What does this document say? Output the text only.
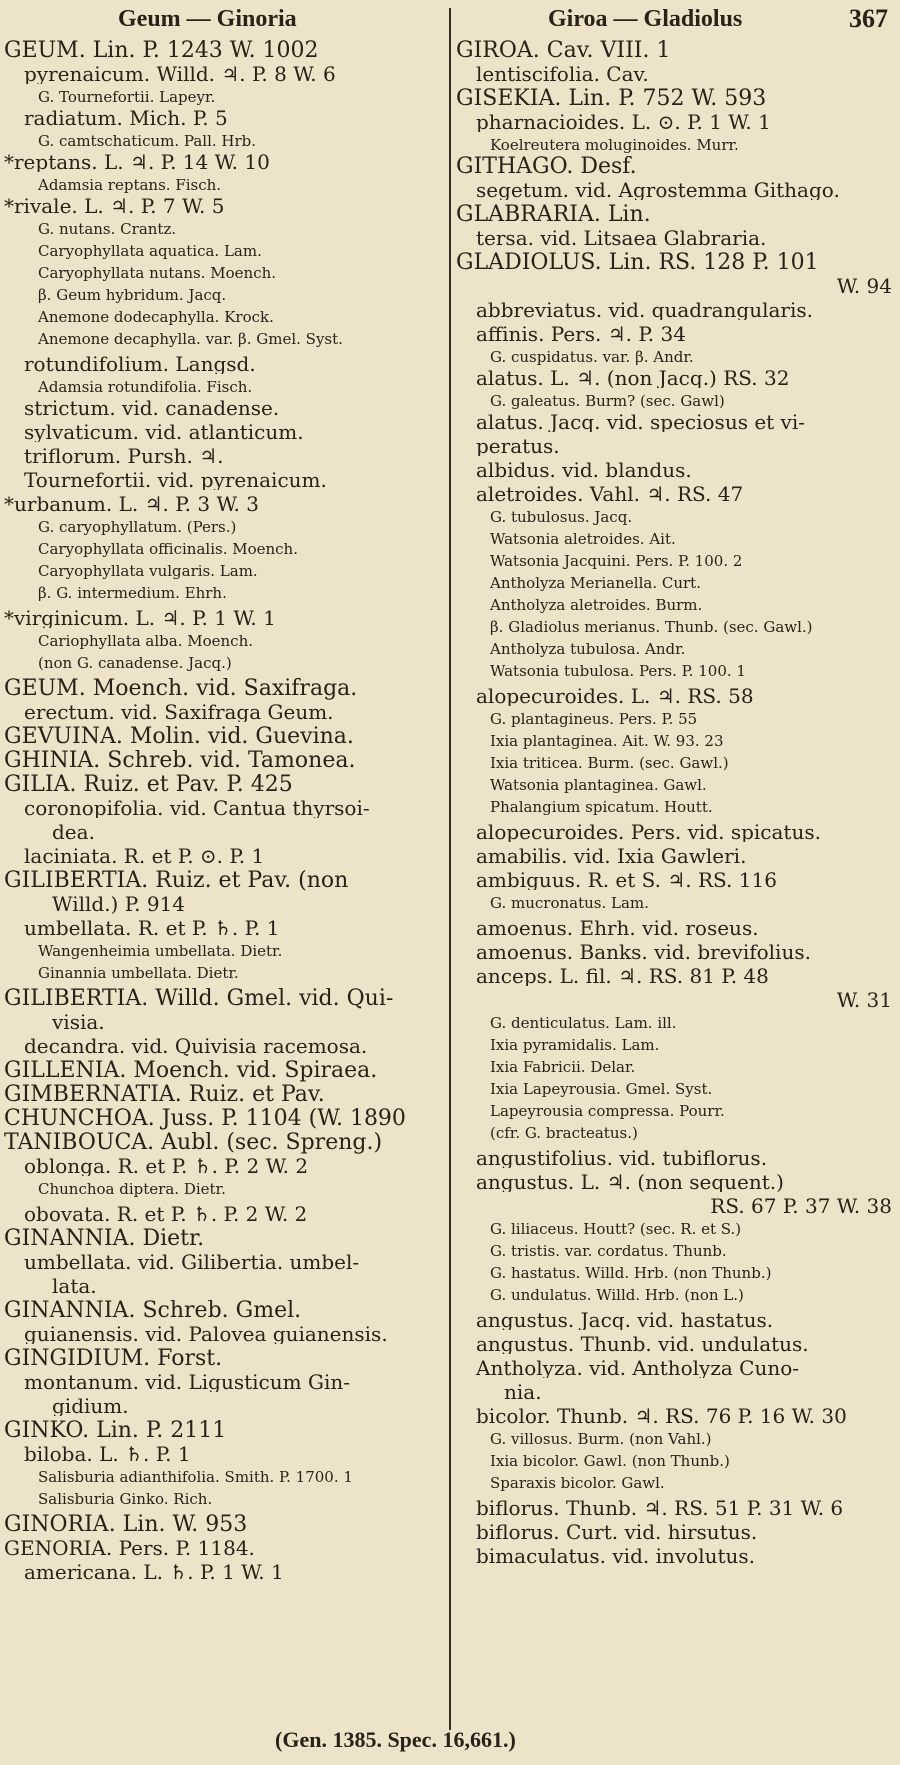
Geum — Ginoria	Giroa — Gladiolus	367
GEUM. Lin. P. 1243 W. 1002
pyrenaicum. Willd. ♃. P. 8 W. 6
G. Tournefortii. Lapeyr.
radiatum. Mich. P. 5
G. camtschaticum. Pall. Hrb.
*reptans. L. ♃. P. 14 W. 10
Adamsia reptans. Fisch.
*rivale. L. ♃. P. 7 W. 5
G. nutans. Crantz.
Caryophyllata aquatica. Lam.
Caryophyllata nutans. Moench.
β. Geum hybridum. Jacq.
Anemone dodecaphylla. Krock.
Anemone decaphylla. var. β. Gmel. Syst.
rotundifolium. Langsd.
Adamsia rotundifolia. Fisch.
strictum. vid. canadense.
sylvaticum. vid. atlanticum.
triflorum. Pursh. ♃.
Tournefortii. vid. pyrenaicum.
*urbanum. L. ♃. P. 3 W. 3
G. caryophyllatum. (Pers.)
Caryophyllata officinalis. Moench.
Caryophyllata vulgaris. Lam.
β. G. intermedium. Ehrh.
*virginicum. L. ♃. P. 1 W. 1
Cariophyllata alba. Moench.
(non G. canadense. Jacq.)
GEUM. Moench. vid. Saxifraga.
erectum. vid. Saxifraga Geum.
GEVUINA. Molin. vid. Guevina.
GHINIA. Schreb. vid. Tamonea.
GILIA. Ruiz. et Pav. P. 425
coronopifolia. vid. Cantua thyrsoi-
dea.
laciniata. R. et P. ⊙. P. 1
GILIBERTIA. Ruiz. et Pav. (non
Willd.) P. 914
umbellata. R. et P. ♄. P. 1
Wangenheimia umbellata. Dietr.
Ginannia umbellata. Dietr.
GILIBERTIA. Willd. Gmel. vid. Qui-
visia.
decandra. vid. Quivisia racemosa.
GILLENIA. Moench. vid. Spiraea.
GIMBERNATIA. Ruiz. et Pav.
CHUNCHOA. Juss. P. 1104 (W. 1890
TANIBOUCA. Aubl. (sec. Spreng.)
oblonga. R. et P. ♄. P. 2 W. 2
Chunchoa diptera. Dietr.
obovata. R. et P. ♄. P. 2 W. 2
GINANNIA. Dietr.
umbellata. vid. Gilibertia. umbel-
lata.
GINANNIA. Schreb. Gmel.
guianensis. vid. Palovea guianensis.
GINGIDIUM. Forst.
montanum. vid. Ligusticum Gin-
gidium.
GINKO. Lin. P. 2111
biloba. L. ♄. P. 1
Salisburia adianthifolia. Smith. P. 1700. 1
Salisburia Ginko. Rich.
GINORIA. Lin. W. 953
GENORIA. Pers. P. 1184.
americana. L. ♄. P. 1 W. 1
GIROA. Cav. VIII. 1
lentiscifolia. Cav.
GISEKIA. Lin. P. 752 W. 593
pharnacioides. L. ⊙. P. 1 W. 1
Koelreutera moluginoides. Murr.
GITHAGO. Desf.
segetum. vid. Agrostemma Githago.
GLABRARIA. Lin.
tersa. vid. Litsaea Glabraria.
GLADIOLUS. Lin. RS. 128 P. 101
W. 94
abbreviatus. vid. quadrangularis.
affinis. Pers. ♃. P. 34
G. cuspidatus. var. β. Andr.
alatus. L. ♃. (non Jacq.) RS. 32
G. galeatus. Burm? (sec. Gawl)
alatus. Jacq. vid. speciosus et vi-
peratus.
albidus. vid. blandus.
aletroides. Vahl. ♃. RS. 47
G. tubulosus. Jacq.
Watsonia aletroides. Ait.
Watsonia Jacquini. Pers. P. 100. 2
Antholyza Merianella. Curt.
Antholyza aletroides. Burm.
β. Gladiolus merianus. Thunb. (sec. Gawl.)
Antholyza tubulosa. Andr.
Watsonia tubulosa. Pers. P. 100. 1
alopecuroides. L. ♃. RS. 58
G. plantagineus. Pers. P. 55
Ixia plantaginea. Ait. W. 93. 23
Ixia triticea. Burm. (sec. Gawl.)
Watsonia plantaginea. Gawl.
Phalangium spicatum. Houtt.
alopecuroides. Pers. vid. spicatus.
amabilis. vid. Ixia Gawleri.
ambiguus. R. et S. ♃. RS. 116
G. mucronatus. Lam.
amoenus. Ehrh. vid. roseus.
amoenus. Banks. vid. brevifolius.
anceps. L. fil. ♃. RS. 81 P. 48
W. 31
G. denticulatus. Lam. ill.
Ixia pyramidalis. Lam.
Ixia Fabricii. Delar.
Ixia Lapeyrousia. Gmel. Syst.
Lapeyrousia compressa. Pourr.
(cfr. G. bracteatus.)
angustifolius. vid. tubiflorus.
angustus. L. ♃. (non sequent.)
RS. 67 P. 37 W. 38
G. liliaceus. Houtt? (sec. R. et S.)
G. tristis. var. cordatus. Thunb.
G. hastatus. Willd. Hrb. (non Thunb.)
G. undulatus. Willd. Hrb. (non L.)
angustus. Jacq. vid. hastatus.
angustus. Thunb. vid. undulatus.
Antholyza. vid. Antholyza Cuno-
nia.
bicolor. Thunb. ♃. RS. 76 P. 16 W. 30
G. villosus. Burm. (non Vahl.)
Ixia bicolor. Gawl. (non Thunb.)
Sparaxis bicolor. Gawl.
biflorus. Thunb. ♃. RS. 51 P. 31 W. 6
biflorus. Curt. vid. hirsutus.
bimaculatus. vid. involutus.
(Gen. 1385. Spec. 16,661.)
